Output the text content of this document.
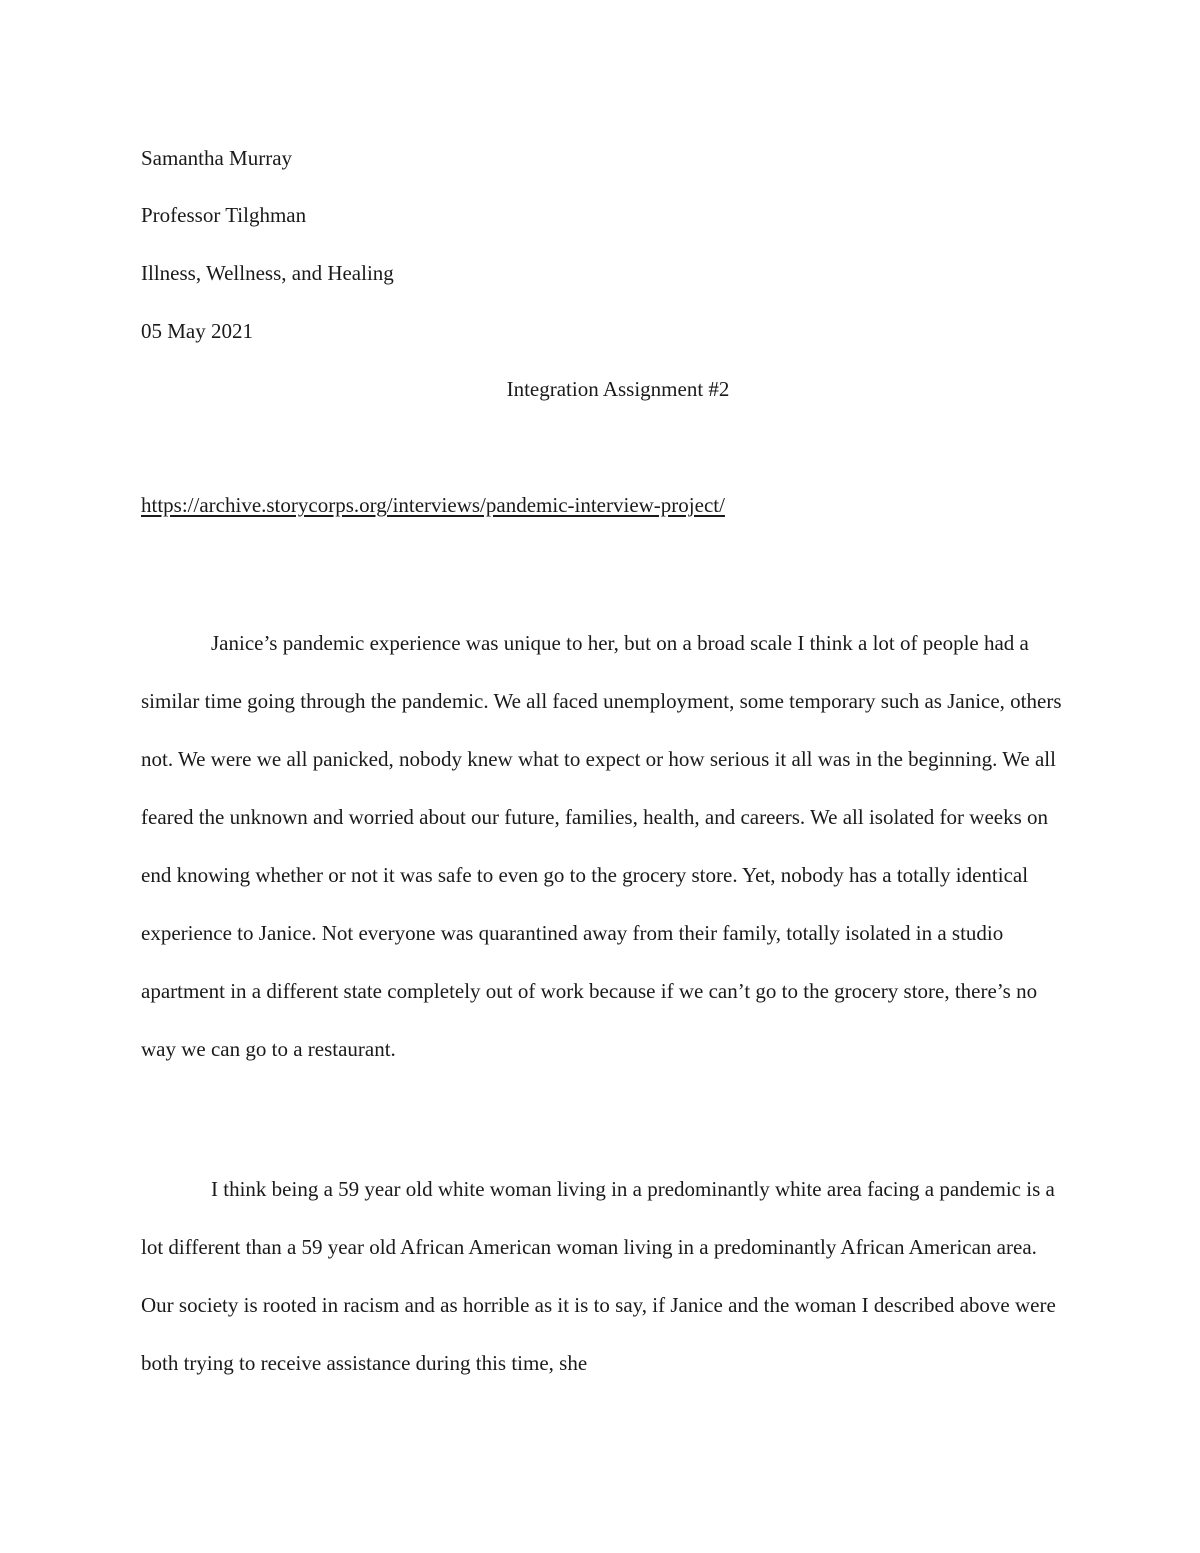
Samantha Murray
Professor Tilghman
Illness, Wellness, and Healing
05 May 2021
Integration Assignment #2
https://archive.storycorps.org/interviews/pandemic-interview-project/

Janice’s pandemic experience was unique to her, but on a broad scale I think a lot of people had a similar time going through the pandemic. We all faced unemployment, some temporary such as Janice, others not. We were we all panicked, nobody knew what to expect or how serious it all was in the beginning. We all feared the unknown and worried about our future, families, health, and careers. We all isolated for weeks on end knowing whether or not it was safe to even go to the grocery store. Yet, nobody has a totally identical experience to Janice. Not everyone was quarantined away from their family, totally isolated in a studio apartment in a different state completely out of work because if we can’t go to the grocery store, there’s no way we can go to a restaurant.

I think being a 59 year old white woman living in a predominantly white area facing a pandemic is a lot different than a 59 year old African American woman living in a predominantly African American area. Our society is rooted in racism and as horrible as it is to say, if Janice and the woman I described above were both trying to receive assistance during this time, she
